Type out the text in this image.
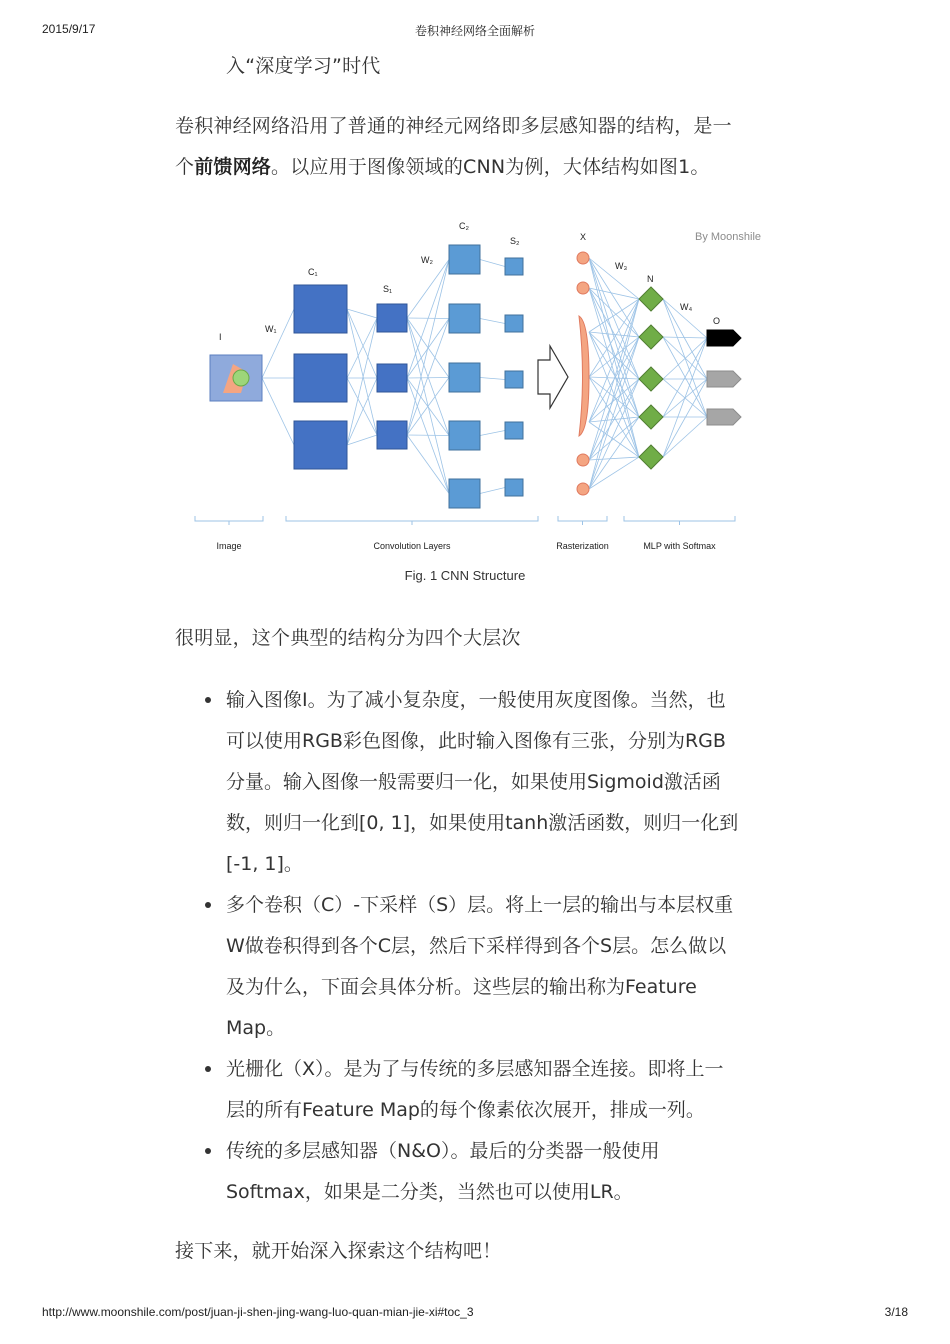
2015/9/17	卷积神经网络全面解析
入“深度学习”时代
卷积神经网络沿用了普通的神经元网络即多层感知器的结构，是一
个前馈网络。以应用于图像领域的CNN为例，大体结构如图1。
I
W₁
C₁
S₁
W₂
C₂
S₂	X
W₃
N
W₄
O
By Moonshile
Image	Convolution Layers	Rasterization	MLP with Softmax
Fig. 1 CNN Structure
很明显，这个典型的结构分为四个大层次
输入图像I。为了减小复杂度，一般使用灰度图像。当然，也
可以使用RGB彩色图像，此时输入图像有三张，分别为RGB
分量。输入图像一般需要归一化，如果使用Sigmoid激活函
数，则归一化到[0, 1]，如果使用tanh激活函数，则归一化到
[-1, 1]。
多个卷积（C）-下采样（S）层。将上一层的输出与本层权重
W做卷积得到各个C层，然后下采样得到各个S层。怎么做以
及为什么，下面会具体分析。这些层的输出称为Feature
Map。
光栅化（X）。是为了与传统的多层感知器全连接。即将上一
层的所有Feature Map的每个像素依次展开，排成一列。
传统的多层感知器（N&O）。最后的分类器一般使用
Softmax，如果是二分类，当然也可以使用LR。
接下来，就开始深入探索这个结构吧！
http://www.moonshile.com/post/juan-ji-shen-jing-wang-luo-quan-mian-jie-xi#toc_3	3/18
